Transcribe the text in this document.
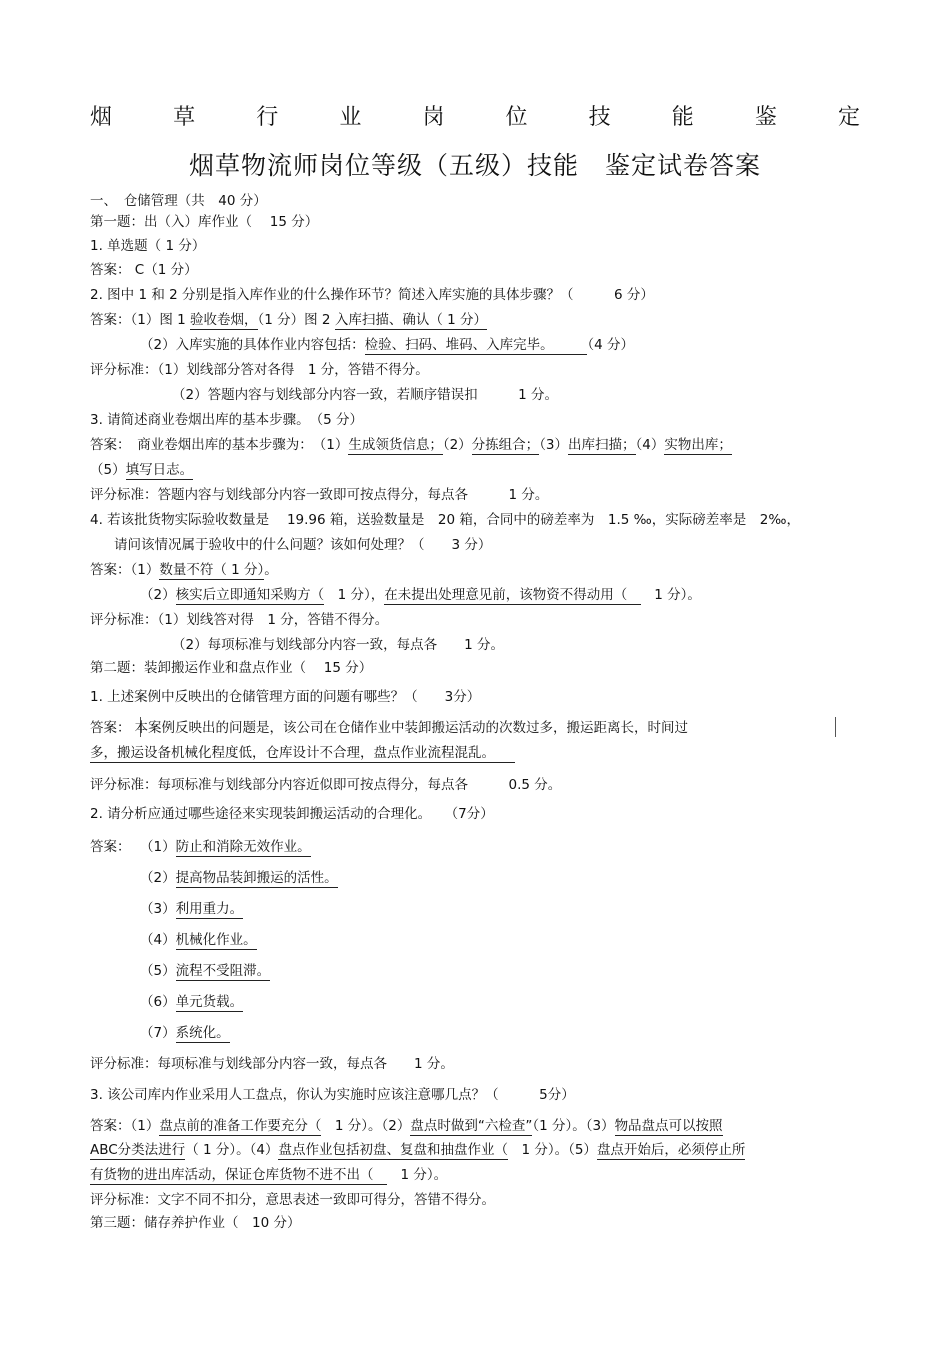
烟	草	行	业	岗	位	技	能	鉴	定
烟草物流师岗位等级（五级）技能　鉴定试卷答案
一、　仓储管理（共　40 分）
第一题：出（入）库作业（　 15 分）
1. 单选题（ 1 分）
答案： C（1 分）
2. 图中 1 和 2 分别是指入库作业的什么操作环节？简述入库实施的具体步骤？（　　　6 分）
答案：（1）图 1 验收卷烟，（1 分）图 2 入库扫描、确认（ 1 分）
（2）入库实施的具体作业内容包括：检验、扫码、堆码、入库完毕。　　　（4 分）
评分标准：（1）划线部分答对各得　1 分，答错不得分。
（2）答题内容与划线部分内容一致，若顺序错误扣　　　1 分。
3. 请简述商业卷烟出库的基本步骤。　（5 分）
答案：　商业卷烟出库的基本步骤为：　（1）生成领货信息；（2）分拣组合；（3）出库扫描；（4）实物出库；
（5）填写日志。
评分标准：答题内容与划线部分内容一致即可按点得分，每点各　　　1 分。
4. 若该批货物实际验收数量是　 19.96 箱，送验数量是　20 箱，合同中的磅差率为　1.5 ‰，实际磅差率是　2‰，
请问该情况属于验收中的什么问题？该如何处理？（　　3 分）
答案：（1）数量不符（ 1 分）。
（2）核实后立即通知采购方（　1 分），在未提出处理意见前，该物资不得动用（　　1 分）。
评分标准：（1）划线答对得　1 分，答错不得分。
（2）每项标准与划线部分内容一致，每点各　　1 分。
第二题：装卸搬运作业和盘点作业（　 15 分）
1. 上述案例中反映出的仓储管理方面的问题有哪些？（　　3分）
答案： 本案例反映出的问题是，该公司在仓储作业中装卸搬运活动的次数过多，搬运距离长，时间过　　　
多，搬运设备机械化程度低，仓库设计不合理，盘点作业流程混乱。　　
评分标准：每项标准与划线部分内容近似即可按点得分，每点各　　　0.5 分。
2. 请分析应通过哪些途径来实现装卸搬运活动的合理化。　　（7分）
答案： （1）防止和消除无效作业。
（2）提高物品装卸搬运的活性。
（3）利用重力。
（4）机械化作业。
（5）流程不受阻滞。
（6）单元货载。
（7）系统化。
评分标准：每项标准与划线部分内容一致，每点各　　1 分。
3. 该公司库内作业采用人工盘点，你认为实施时应该注意哪几点？（　　　5分）
答案：（1）盘点前的准备工作要充分（　1 分）。（2）盘点时做到“六检查”（1 分）。（3）物品盘点可以按照
ABC分类法进行（ 1 分）。（4）盘点作业包括初盘、复盘和抽盘作业（　1 分）。（5）盘点开始后，必须停止所
有货物的进出库活动，保证仓库货物不进不出（　　1 分）。
评分标准：文字不同不扣分，意思表述一致即可得分，答错不得分。
第三题：储存养护作业（　10 分）
